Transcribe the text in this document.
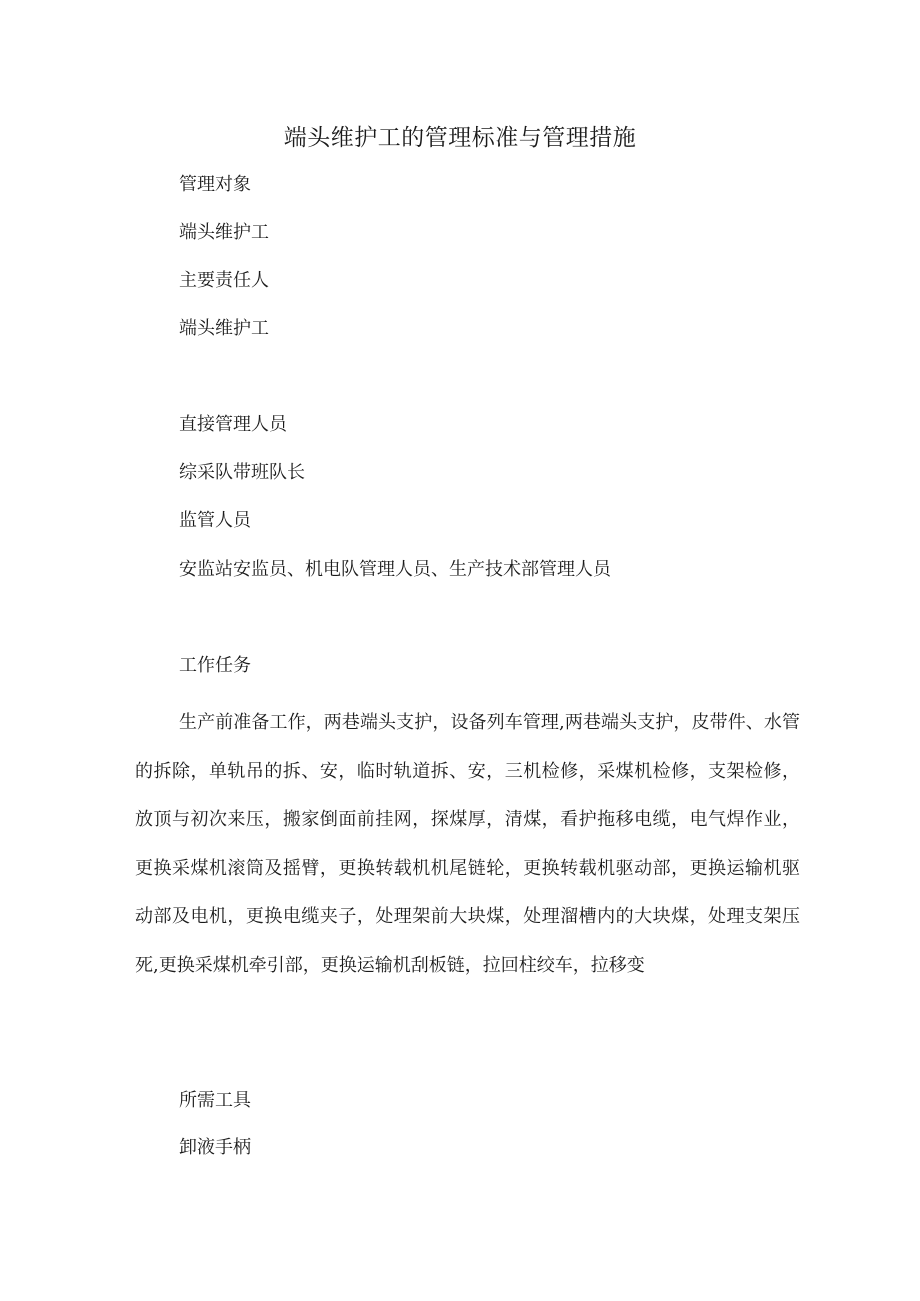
端头维护工的管理标准与管理措施
管理对象
端头维护工
主要责任人
端头维护工
直接管理人员
综采队带班队长
监管人员
安监站安监员、机电队管理人员、生产技术部管理人员
工作任务
生产前准备工作，两巷端头支护，设备列车管理,两巷端头支护，皮带件、水管的拆除，单轨吊的拆、安，临时轨道拆、安，三机检修，采煤机检修，支架检修，放顶与初次来压，搬家倒面前挂网，探煤厚，清煤，看护拖移电缆，电气焊作业，更换采煤机滚筒及摇臂，更换转载机机尾链轮，更换转载机驱动部，更换运输机驱动部及电机，更换电缆夹子，处理架前大块煤，处理溜槽内的大块煤，处理支架压死,更换采煤机牵引部，更换运输机刮板链，拉回柱绞车，拉移变
所需工具
卸液手柄
